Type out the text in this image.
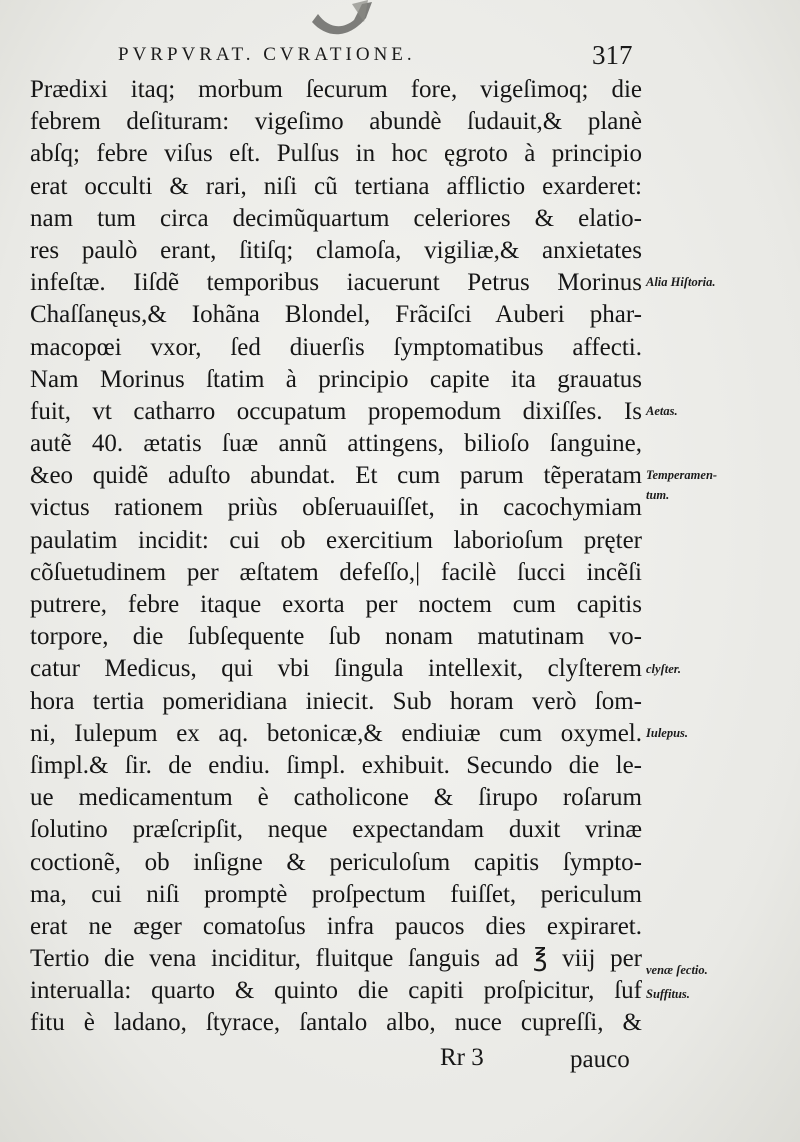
PVRPVRAT. CVRATIONE.	317
Prædixi itaq; morbum ſecurum fore, vigeſimoq; die
febrem deſituram: vigeſimo abundè ſudauit,& planè
abſq; febre viſus eſt. Pulſus in hoc ęgroto à principio
erat occulti & rari, niſi cũ tertiana afflictio exarderet:
nam tum circa decimũquartum celeriores & elatio-
res paulò erant, ſitiſq; clamoſa, vigiliæ,& anxietates
infeſtæ. Iiſdẽ temporibus iacuerunt Petrus Morinus
Chaſſanęus,& Iohãna Blondel, Frãciſci Auberi phar-
macopœi vxor, ſed diuerſis ſymptomatibus affecti.
Nam Morinus ſtatim à principio capite ita grauatus
fuit, vt catharro occupatum propemodum dixiſſes. Is
autẽ 40. ætatis ſuæ annũ attingens, bilioſo ſanguine,
&eo quidẽ aduſto abundat. Et cum parum tẽperatam
victus rationem priùs obſeruauiſſet, in cacochymiam
paulatim incidit: cui ob exercitium laborioſum pręter
cõſuetudinem per æſtatem defeſſo,| facilè ſucci incẽſi
putrere, febre itaque exorta per noctem cum capitis
torpore, die ſubſequente ſub nonam matutinam vo-
catur Medicus, qui vbi ſingula intellexit, clyſterem
hora tertia pomeridiana iniecit. Sub horam verò ſom-
ni, Iulepum ex aq. betonicæ,& endiuiæ cum oxymel.
ſimpl.& ſir. de endiu. ſimpl. exhibuit. Secundo die le-
ue medicamentum è catholicone & ſirupo roſarum
ſolutino præſcripſit, neque expectandam duxit vrinæ
coctionẽ, ob inſigne & periculoſum capitis ſympto-
ma, cui niſi promptè proſpectum fuiſſet, periculum
erat ne æger comatoſus infra paucos dies expiraret.
Tertio die vena inciditur, fluitque ſanguis ad ℥ viij per
interualla: quarto & quinto die capiti proſpicitur, ſuf
fitu è ladano, ſtyrace, ſantalo albo, nuce cupreſſi, &
Alia Hiſtoria.
Aetas.
Temperamen-
tum.
clyſter.
Iulepus.
venæ ſectio.
Suffitus.
Rr 3	pauco
